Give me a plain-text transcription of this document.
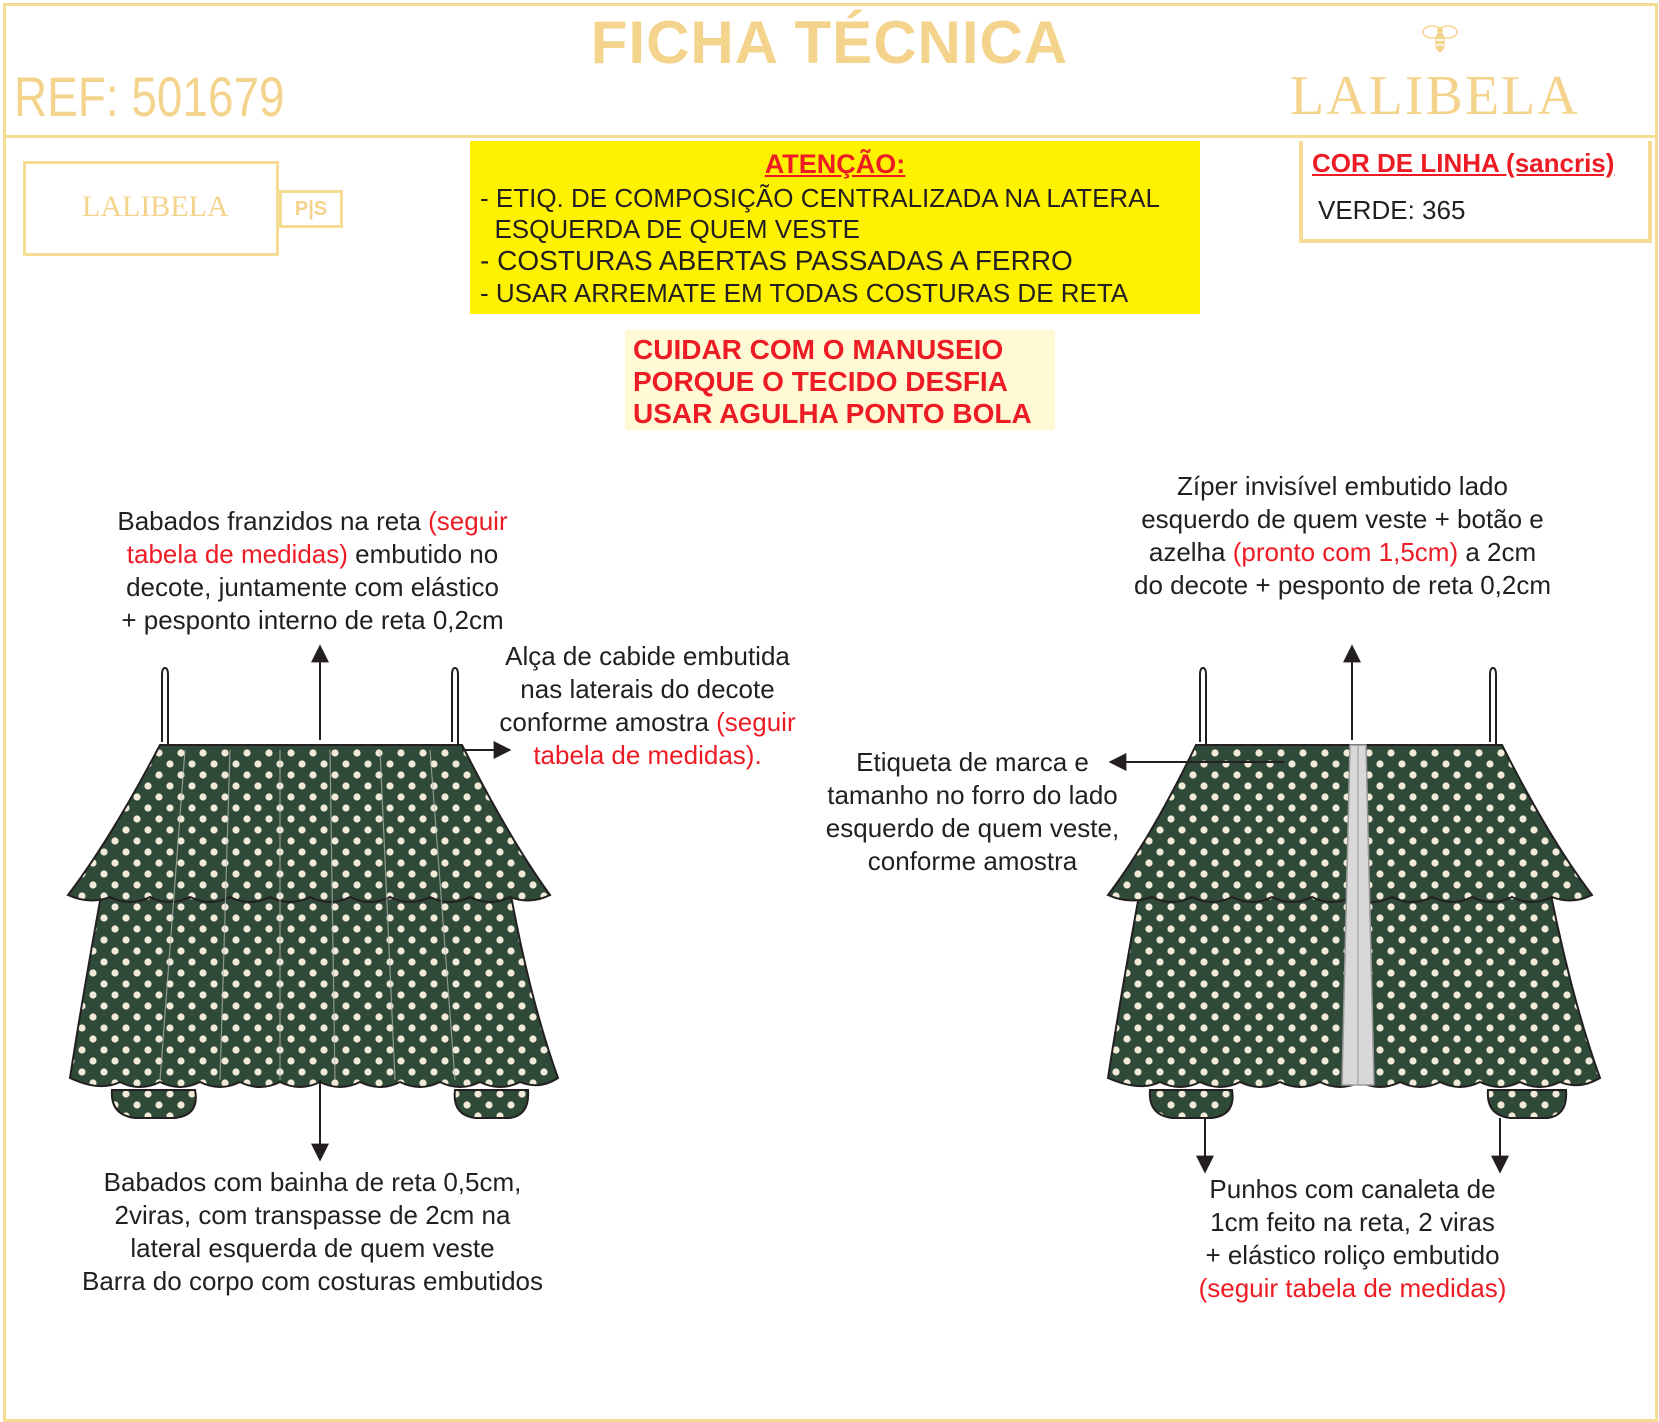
FICHA TÉCNICA
REF: 501679	LALIBELA
LALIBELA	P|S
ATENÇÃO:
- ETIQ. DE COMPOSIÇÃO CENTRALIZADA NA LATERAL
ESQUERDA DE QUEM VESTE
- COSTURAS ABERTAS PASSADAS A FERRO
- USAR ARREMATE EM TODAS COSTURAS DE RETA
COR DE LINHA (sancris)
VERDE: 365
CUIDAR COM O MANUSEIO
PORQUE O TECIDO DESFIA
USAR AGULHA PONTO BOLA
Babados franzidos na reta (seguir
tabela de medidas) embutido no
decote, juntamente com elástico
+ pesponto interno de reta 0,2cm
Alça de cabide embutida
nas laterais do decote
conforme amostra (seguir
tabela de medidas).
Babados com bainha de reta 0,5cm,
2viras, com transpasse de 2cm na
lateral esquerda de quem veste
Barra do corpo com costuras embutidos
Zíper invisível embutido lado
esquerdo de quem veste + botão e
azelha (pronto com 1,5cm) a 2cm
do decote + pesponto de reta 0,2cm
Etiqueta de marca e
tamanho no forro do lado
esquerdo de quem veste,
conforme amostra
Punhos com canaleta de
1cm feito na reta, 2 viras
+ elástico roliço embutido
(seguir tabela de medidas)
